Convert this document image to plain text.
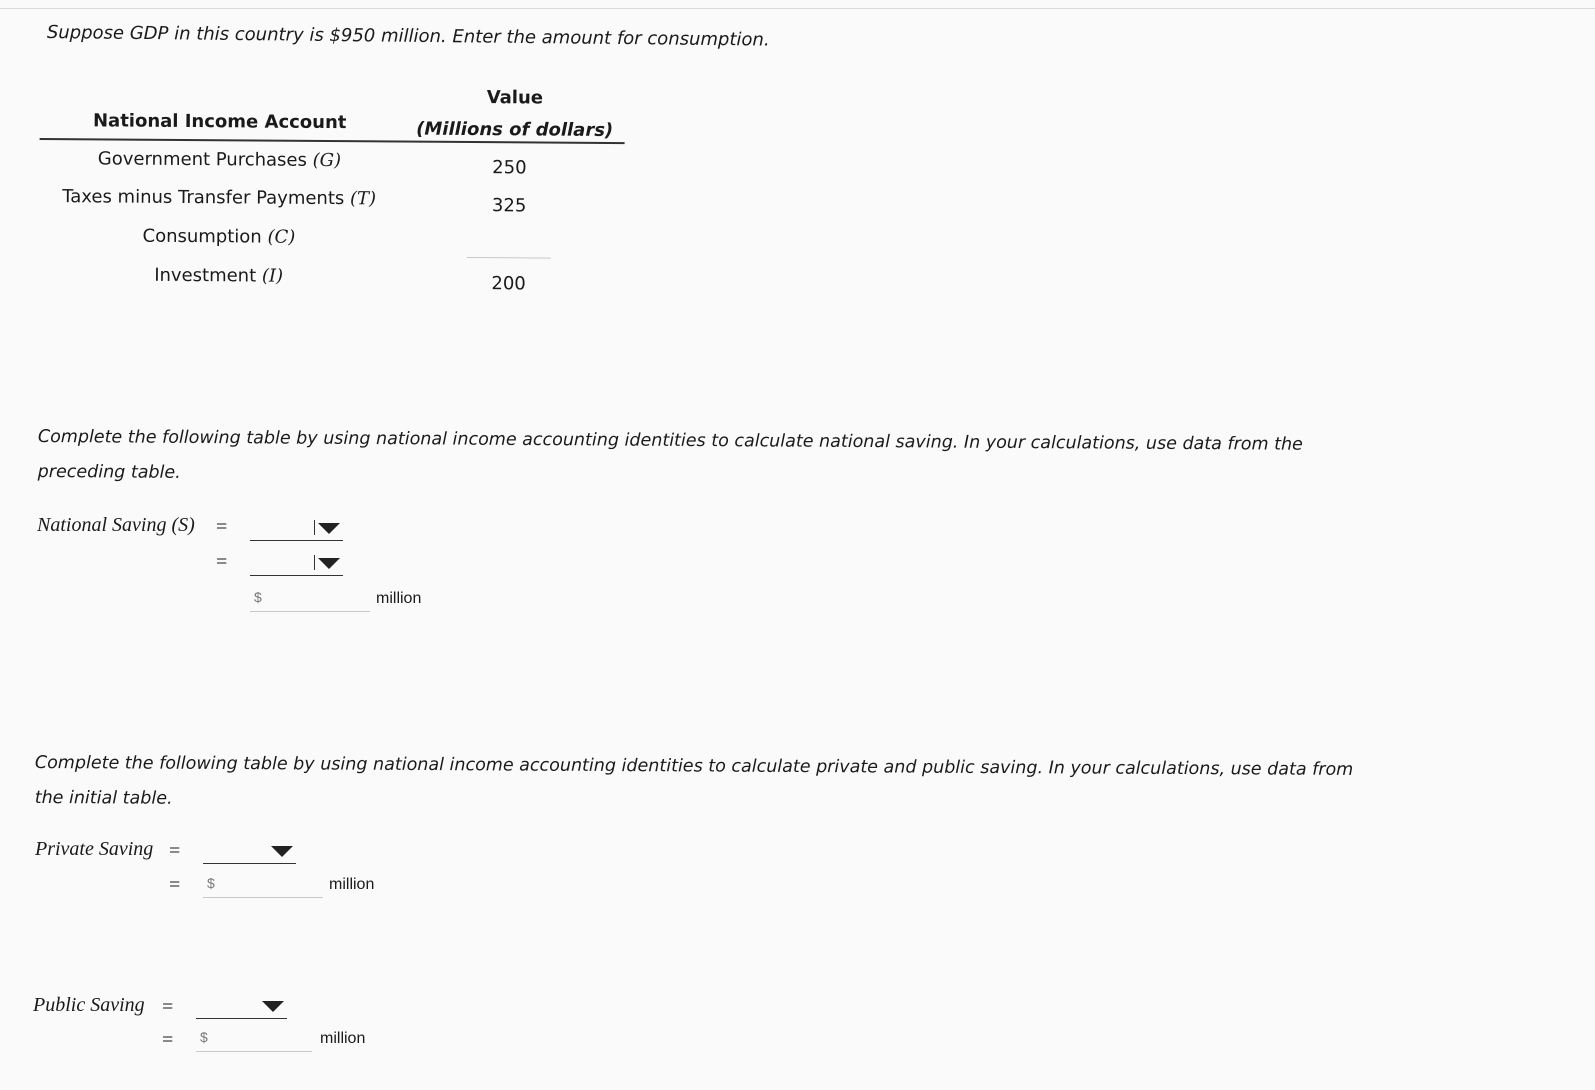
Suppose GDP in this country is $950 million. Enter the amount for consumption.
Value
National Income Account	(Millions of dollars)
Government Purchases (G)	250
Taxes minus Transfer Payments (T)	325
Consumption (C)
Investment (I)	200
Complete the following table by using national income accounting identities to calculate national saving. In your calculations, use data from the preceding table.
National Saving (S) =
=
$	million
Complete the following table by using national income accounting identities to calculate private and public saving. In your calculations, use data from the initial table.
Private Saving =
= $	million
Public Saving =
= $	million
